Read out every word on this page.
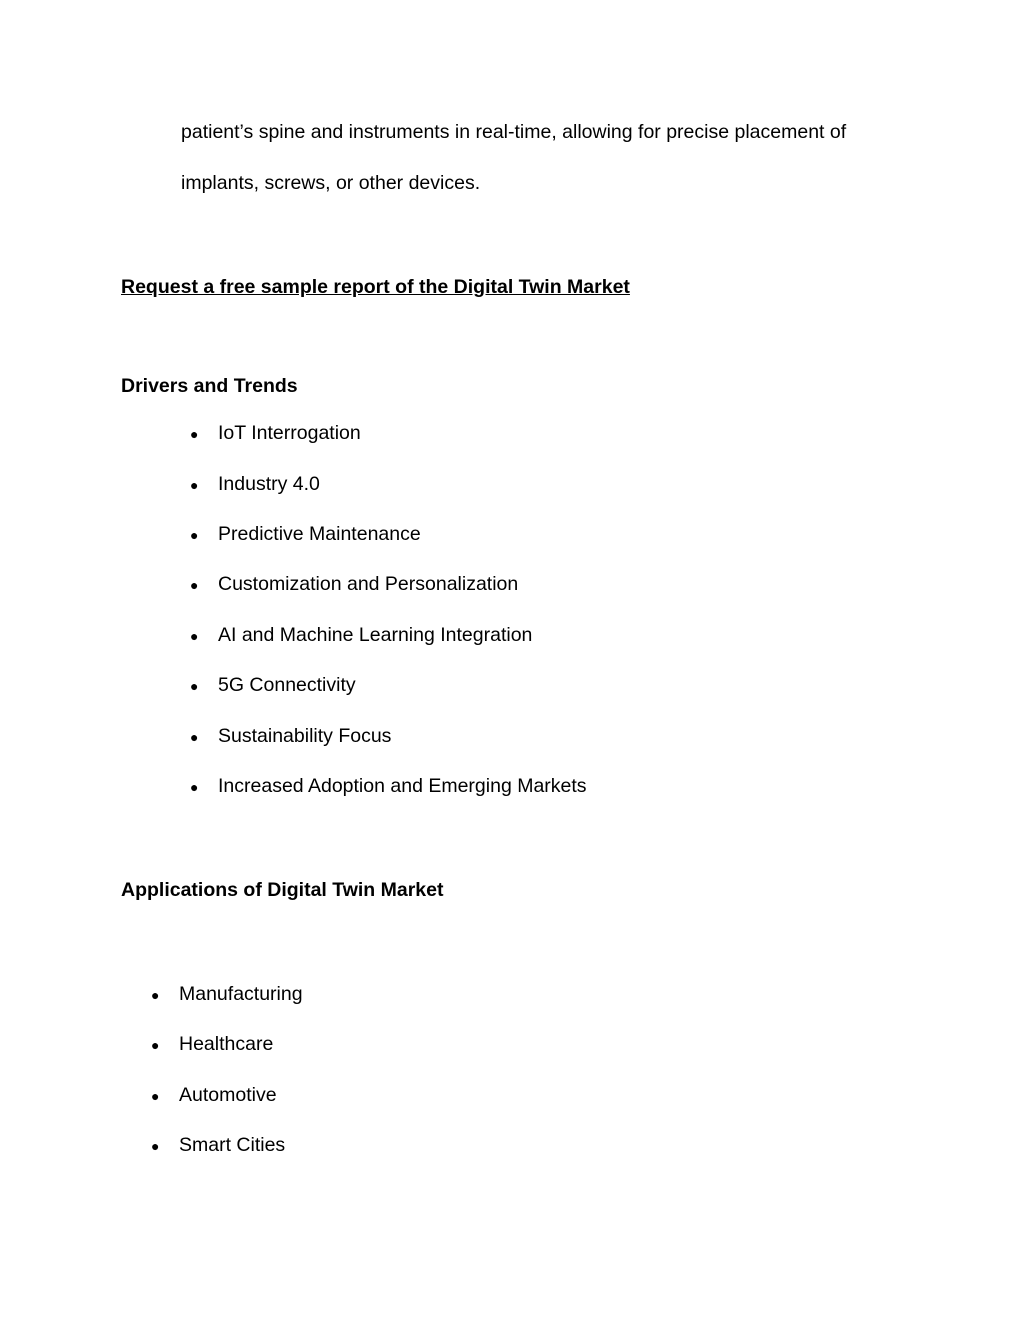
patient’s spine and instruments in real-time, allowing for precise placement of
implants, screws, or other devices.
Request a free sample report of the Digital Twin Market
Drivers and Trends
●	IoT Interrogation
●	Industry 4.0
●	Predictive Maintenance
●	Customization and Personalization
●	AI and Machine Learning Integration
●	5G Connectivity
●	Sustainability Focus
●	Increased Adoption and Emerging Markets
Applications of Digital Twin Market
●	Manufacturing
●	Healthcare
●	Automotive
●	Smart Cities
